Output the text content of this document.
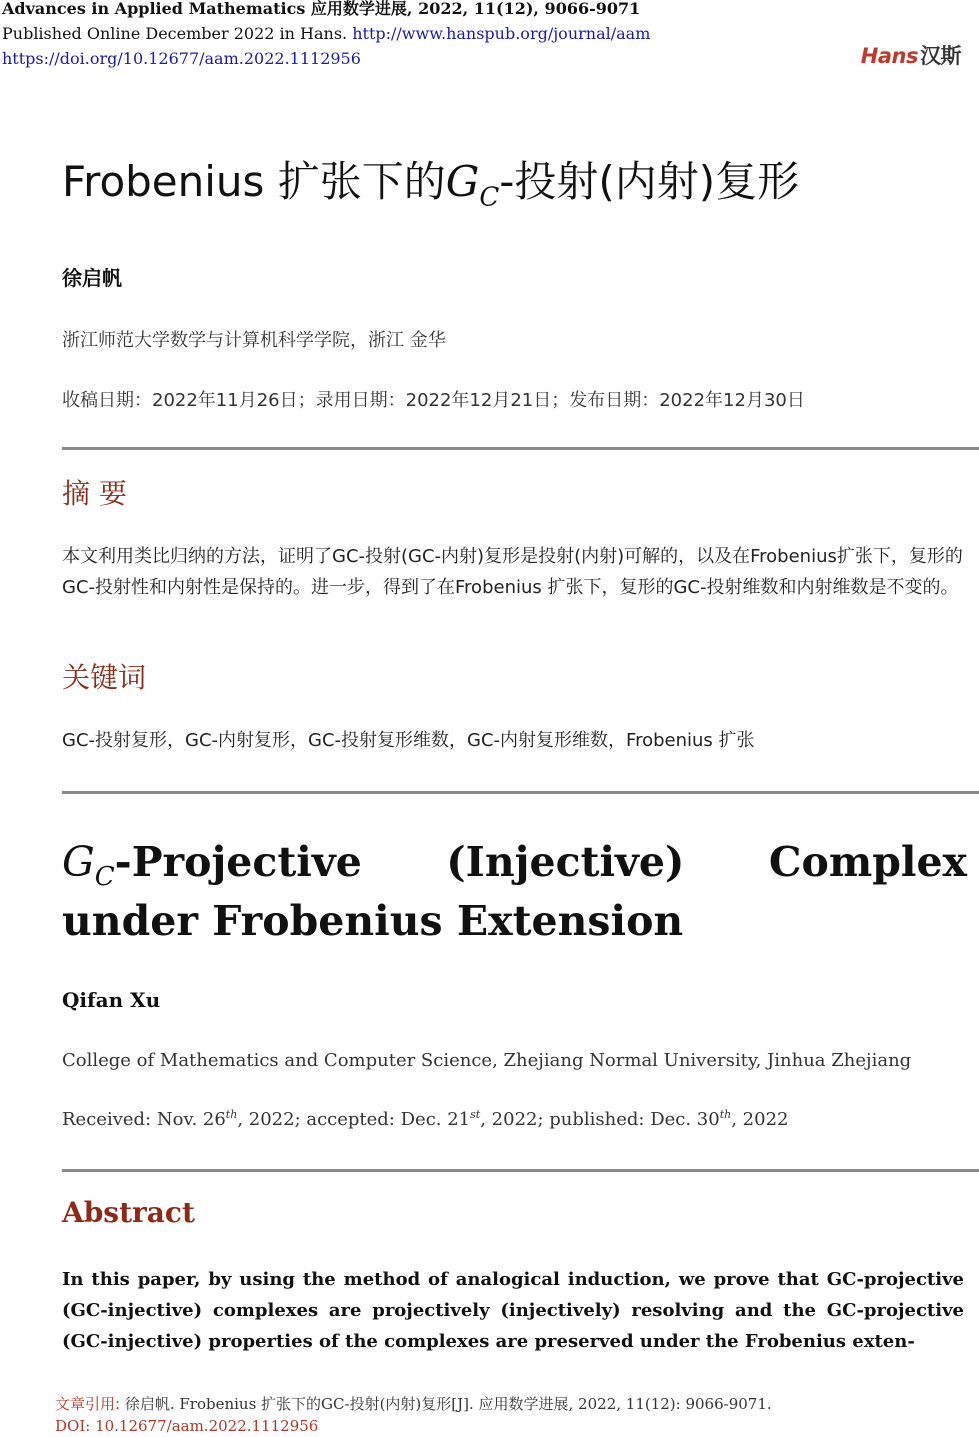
Advances in Applied Mathematics 应用数学进展, 2022, 11(12), 9066-9071
Published Online December 2022 in Hans. http://www.hanspub.org/journal/aam
https://doi.org/10.12677/aam.2022.1112956	Hans汉斯
Frobenius 扩张下的$G_C-$投射(内射)复形
徐启帆
浙江师范大学数学与计算机科学学院，浙江 金华
收稿日期：2022年11月26日；录用日期：2022年12月21日；发布日期：2022年12月30日
摘 要
本文利用类比归纳的方法，证明了GC-投射(GC-内射)复形是投射(内射)可解的，以及在Frobenius扩张下，复形的GC-投射性和内射性是保持的。进一步，得到了在Frobenius 扩张下，复形的GC-投射维数和内射维数是不变的。
关键词
GC-投射复形，GC-内射复形，GC-投射复形维数，GC-内射复形维数，Frobenius 扩张
$G_C$-Projective (Injective) Complex under Frobenius Extension
Qifan Xu
College of Mathematics and Computer Science, Zhejiang Normal University, Jinhua Zhejiang
Received: Nov. 26th, 2022; accepted: Dec. 21st, 2022; published: Dec. 30th, 2022
Abstract
In this paper, by using the method of analogical induction, we prove that GC-projective (GC-injective) complexes are projectively (injectively) resolving and the GC-projective (GC-injective) properties of the complexes are preserved under the Frobenius exten-
文章引用: 徐启帆. Frobenius 扩张下的GC-投射(内射)复形[J]. 应用数学进展, 2022, 11(12): 9066-9071.
DOI: 10.12677/aam.2022.1112956
